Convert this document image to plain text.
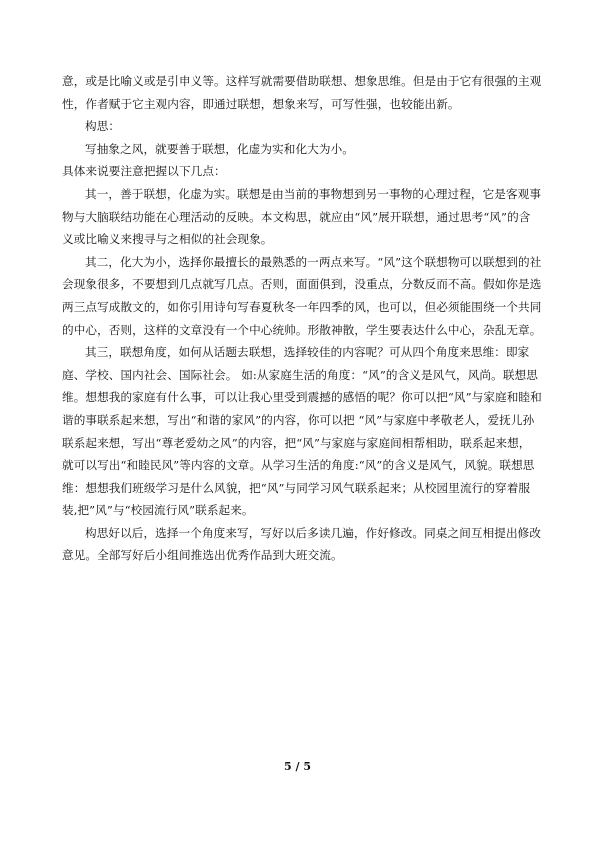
意，或是比喻义或是引申义等。这样写就需要借助联想、想象思维。但是由于它有很强的主观性，作者赋于它主观内容，即通过联想，想象来写，可写性强，也较能出新。

构思：

写抽象之风，就要善于联想，化虚为实和化大为小。

具体来说要注意把握以下几点：

其一，善于联想，化虚为实。联想是由当前的事物想到另一事物的心理过程，它是客观事物与大脑联结功能在心理活动的反映。本文构思，就应由“风”展开联想，通过思考“风”的含义或比喻义来搜寻与之相似的社会现象。

其二，化大为小，选择你最擅长的最熟悉的一两点来写。“风”这个联想物可以联想到的社会现象很多，不要想到几点就写几点。否则，面面俱到，没重点，分数反而不高。假如你是选两三点写成散文的，如你引用诗句写春夏秋冬一年四季的风，也可以，但必须能围绕一个共同的中心，否则，这样的文章没有一个中心统帅。形散神散，学生要表达什么中心，杂乱无章。

其三，联想角度，如何从话题去联想，选择较佳的内容呢？可从四个角度来思维：即家庭、学校、国内社会、国际社会。 如:从家庭生活的角度：“风”的含义是风气，风尚。联想思维。想想我的家庭有什么事，可以让我心里受到震撼的感悟的呢？你可以把“风”与家庭和睦和谐的事联系起来想，写出“和谐的家风”的内容，你可以把 “风”与家庭中孝敬老人，爱抚儿孙联系起来想，写出“尊老爱幼之风”的内容，把“风”与家庭与家庭间相帮相助，联系起来想，就可以写出“和睦民风”等内容的文章。从学习生活的角度:“风”的含义是风气，风貌。联想思维：想想我们班级学习是什么风貌，把“风”与同学习风气联系起来；从校园里流行的穿着服装,把”风”与“校园流行风”联系起来。

构思好以后，选择一个角度来写，写好以后多读几遍，作好修改。同桌之间互相提出修改意见。全部写好后小组间推选出优秀作品到大班交流。

5 / 5
